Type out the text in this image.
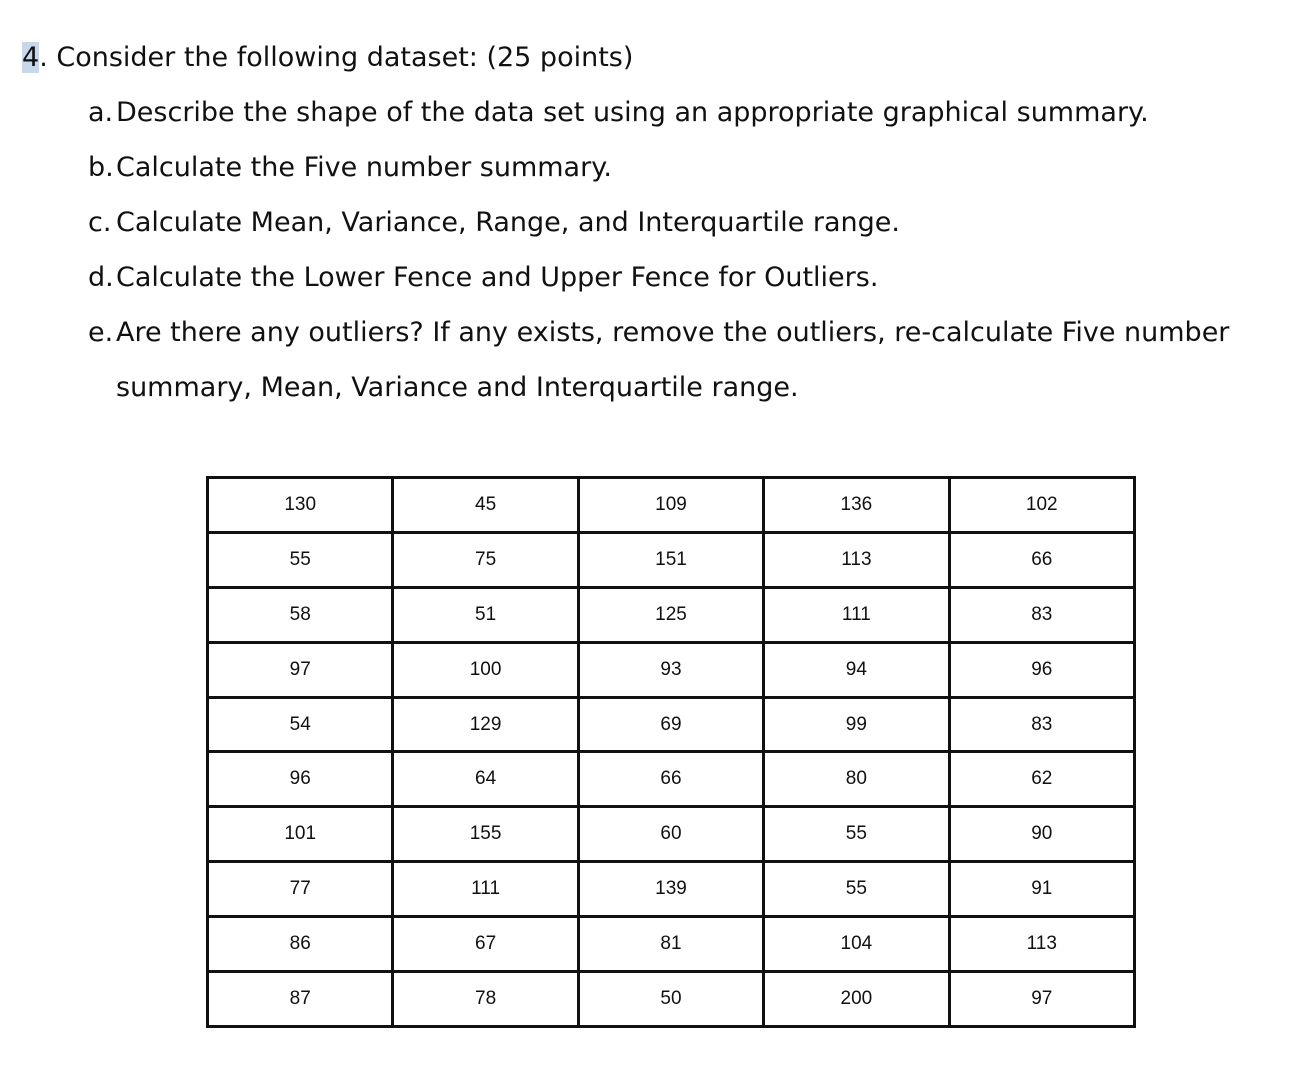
4. Consider the following dataset: (25 points)
a. Describe the shape of the data set using an appropriate graphical summary.
b.Calculate the Five number summary.
c. Calculate Mean, Variance, Range, and Interquartile range.
d.Calculate the Lower Fence and Upper Fence for Outliers.
e. Are there any outliers? If any exists, remove the outliers, re-calculate Five number
summary, Mean, Variance and Interquartile range.
130	45	109	136	102
55	75	151	113	66
58	51	125	111	83
97	100	93	94	96
54	129	69	99	83
96	64	66	80	62
101	155	60	55	90
77	111	139	55	91
86	67	81	104	113
87	78	50	200	97
